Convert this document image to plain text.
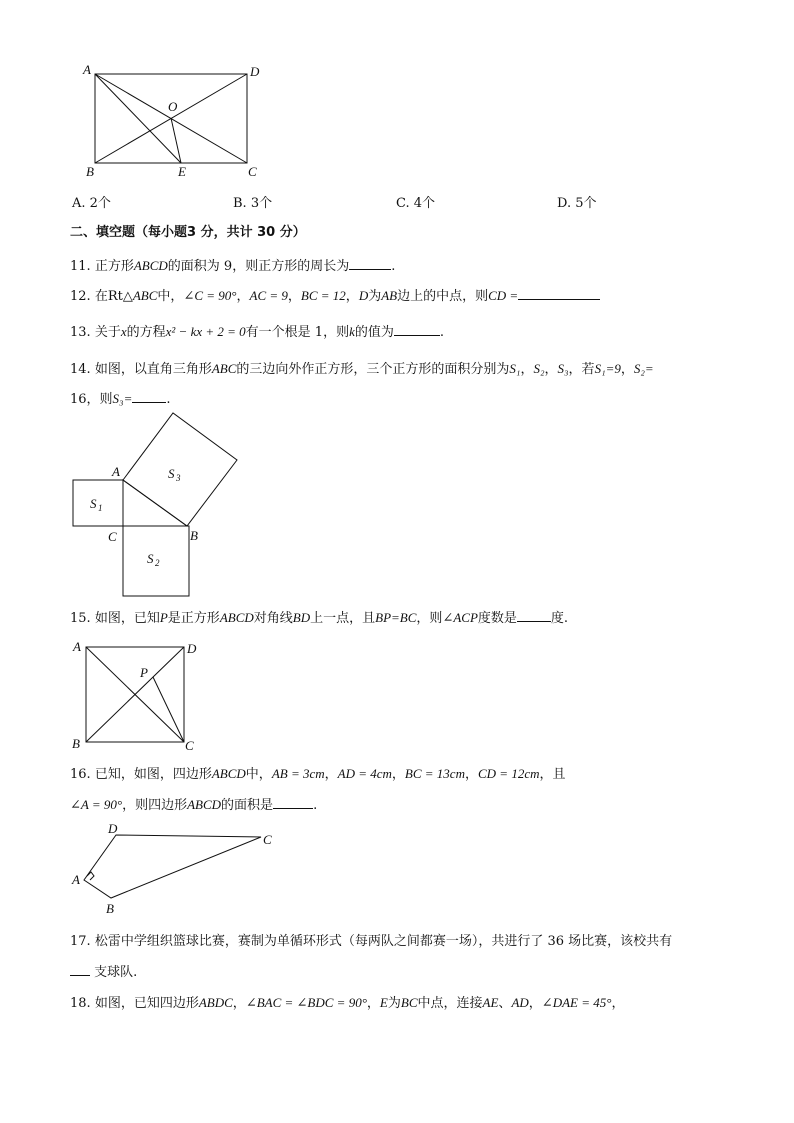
A	D
O
B	E	C
A. 2个	B. 3个	C. 4个	D. 5个
二、填空题（每小题3 分，共计 30 分）
11. 正方形ABCD的面积为 9，则正方形的周长为	.
12. 在Rt△ABC中，∠C = 90°，AC = 9，BC = 12，D为AB边上的中点，则CD =
13. 关于x的方程x² − kx + 2 = 0有一个根是 1，则k的值为	.
14. 如图，以直角三角形ABC的三边向外作正方形，三个正方形的面积分别为S₁，S₂，S₃，若S₁=9，S₂=
16，则S₃=	.
A
B
C
S 1
S 2
S 3
15. 如图，已知P是正方形ABCD对角线BD上一点，且BP=BC，则∠ACP度数是	度.
A	D
P
B	C
16. 已知，如图，四边形ABCD中，AB = 3cm，AD = 4cm，BC = 13cm，CD = 12cm，且
∠A = 90°，则四边形ABCD的面积是	.
D
C
A
B
17. 松雷中学组织篮球比赛，赛制为单循环形式（每两队之间都赛一场），共进行了 36 场比赛，该校共有
支球队.
18. 如图，已知四边形ABDC，∠BAC = ∠BDC = 90°，E为BC中点，连接AE、AD，∠DAE = 45°，
